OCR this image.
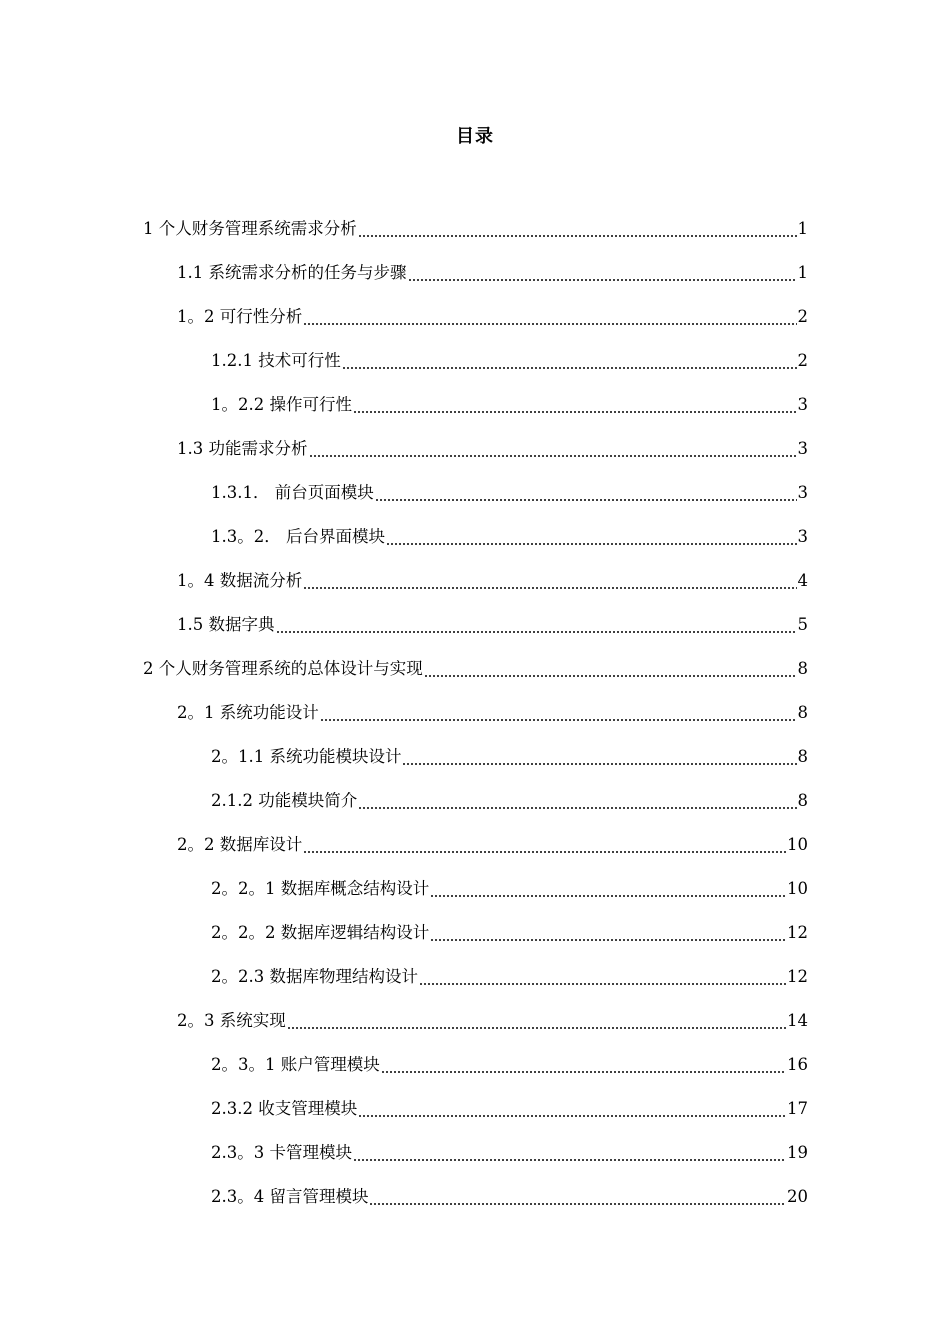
目录
1 个人财务管理系统需求分析	1
1.1 系统需求分析的任务与步骤	1
1。2 可行性分析	2
1.2.1 技术可行性	2
1。2.2 操作可行性	3
1.3 功能需求分析	3
1.3.1． 前台页面模块	3
1.3。2． 后台界面模块	3
1。4 数据流分析	4
1.5 数据字典	5
2 个人财务管理系统的总体设计与实现	8
2。1 系统功能设计	8
2。1.1 系统功能模块设计	8
2.1.2 功能模块简介	8
2。2 数据库设计	10
2。2。1 数据库概念结构设计	10
2。2。2 数据库逻辑结构设计	12
2。2.3 数据库物理结构设计	12
2。3 系统实现	14
2。3。1 账户管理模块	16
2.3.2 收支管理模块	17
2.3。3 卡管理模块	19
2.3。4 留言管理模块	20
